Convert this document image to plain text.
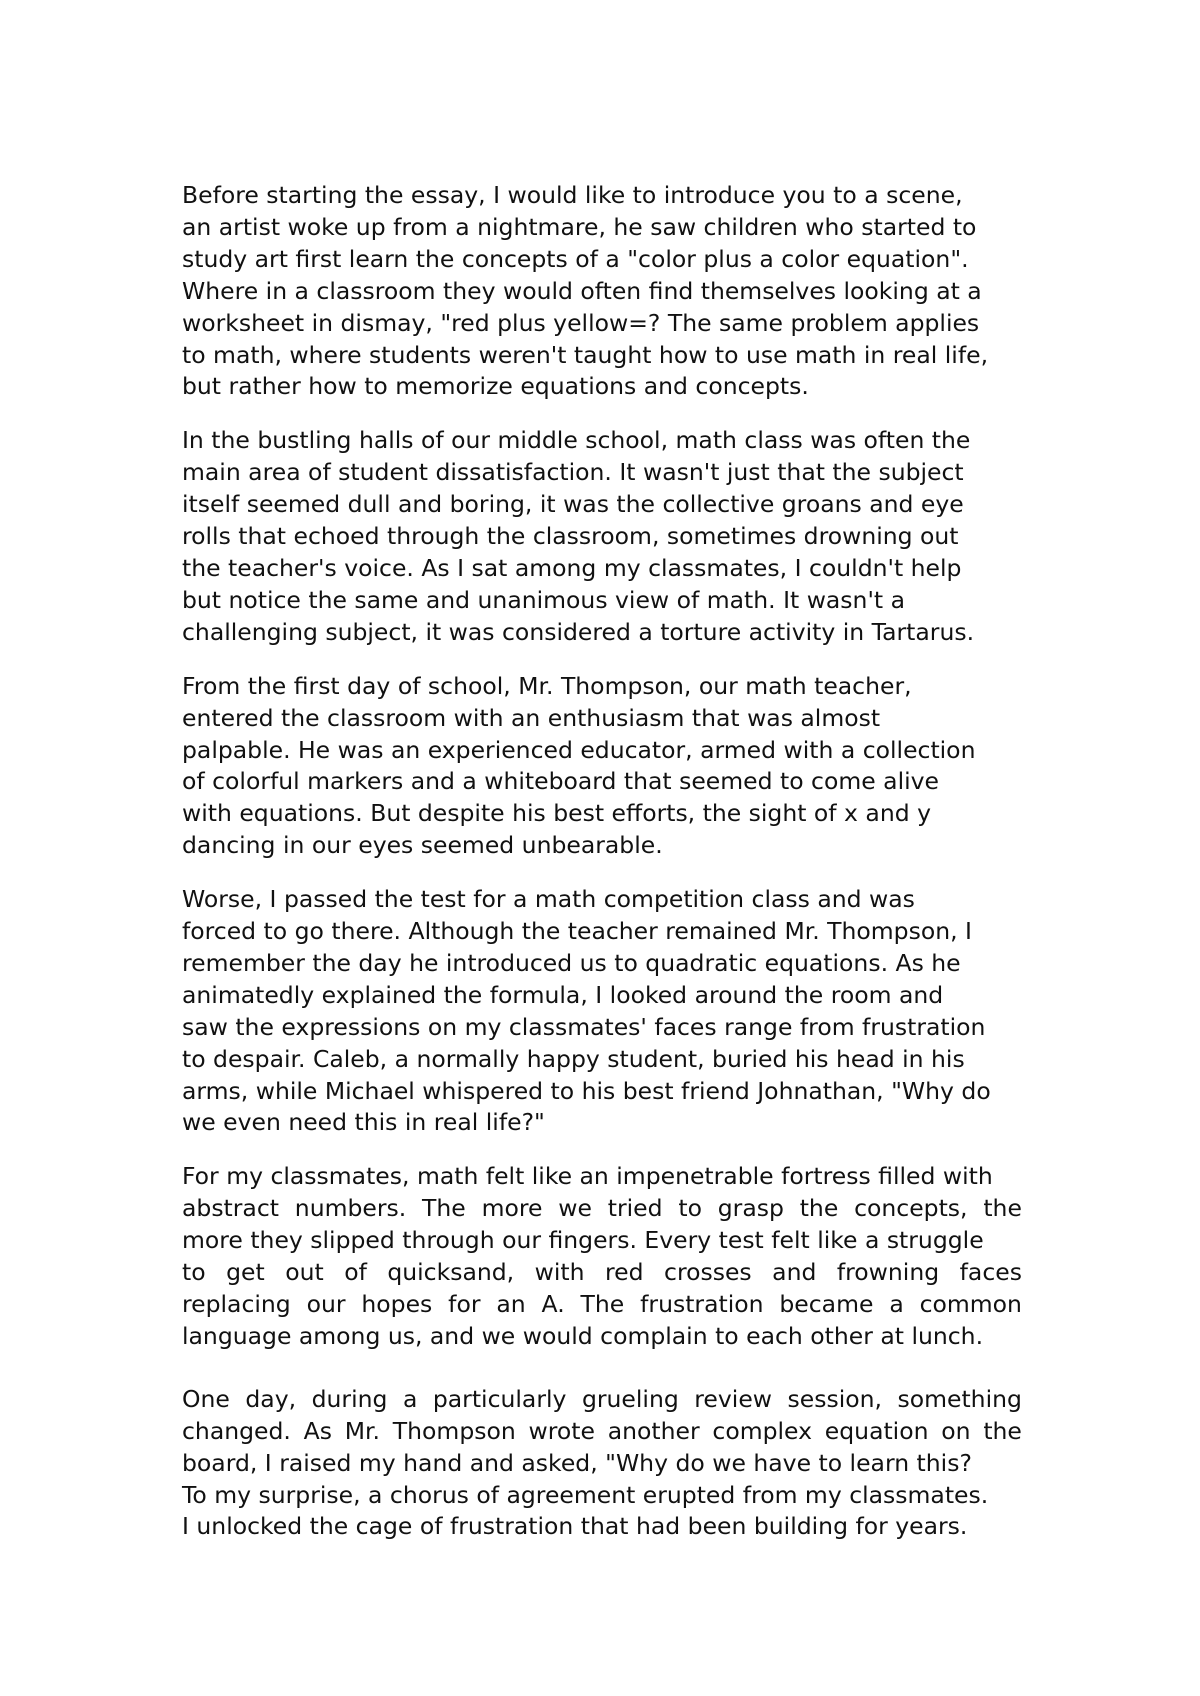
Before starting the essay, I would like to introduce you to a scene,
an artist woke up from a nightmare, he saw children who started to
study art first learn the concepts of a "color plus a color equation".
Where in a classroom they would often find themselves looking at a
worksheet in dismay, "red plus yellow=? The same problem applies
to math, where students weren't taught how to use math in real life,
but rather how to memorize equations and concepts.
In the bustling halls of our middle school, math class was often the
main area of student dissatisfaction. It wasn't just that the subject
itself seemed dull and boring, it was the collective groans and eye
rolls that echoed through the classroom, sometimes drowning out
the teacher's voice. As I sat among my classmates, I couldn't help
but notice the same and unanimous view of math. It wasn't a
challenging subject, it was considered a torture activity in Tartarus.
From the first day of school, Mr. Thompson, our math teacher,
entered the classroom with an enthusiasm that was almost
palpable. He was an experienced educator, armed with a collection
of colorful markers and a whiteboard that seemed to come alive
with equations. But despite his best efforts, the sight of x and y
dancing in our eyes seemed unbearable.
Worse, I passed the test for a math competition class and was
forced to go there. Although the teacher remained Mr. Thompson, I
remember the day he introduced us to quadratic equations. As he
animatedly explained the formula, I looked around the room and
saw the expressions on my classmates' faces range from frustration
to despair. Caleb, a normally happy student, buried his head in his
arms, while Michael whispered to his best friend Johnathan, "Why do
we even need this in real life?"
For my classmates, math felt like an impenetrable fortress filled with
abstract numbers. The more we tried to grasp the concepts, the
more they slipped through our fingers. Every test felt like a struggle
to get out of quicksand, with red crosses and frowning faces
replacing our hopes for an A. The frustration became a common
language among us, and we would complain to each other at lunch.
One day, during a particularly grueling review session, something
changed. As Mr. Thompson wrote another complex equation on the
board, I raised my hand and asked, "Why do we have to learn this?
To my surprise, a chorus of agreement erupted from my classmates.
I unlocked the cage of frustration that had been building for years.
